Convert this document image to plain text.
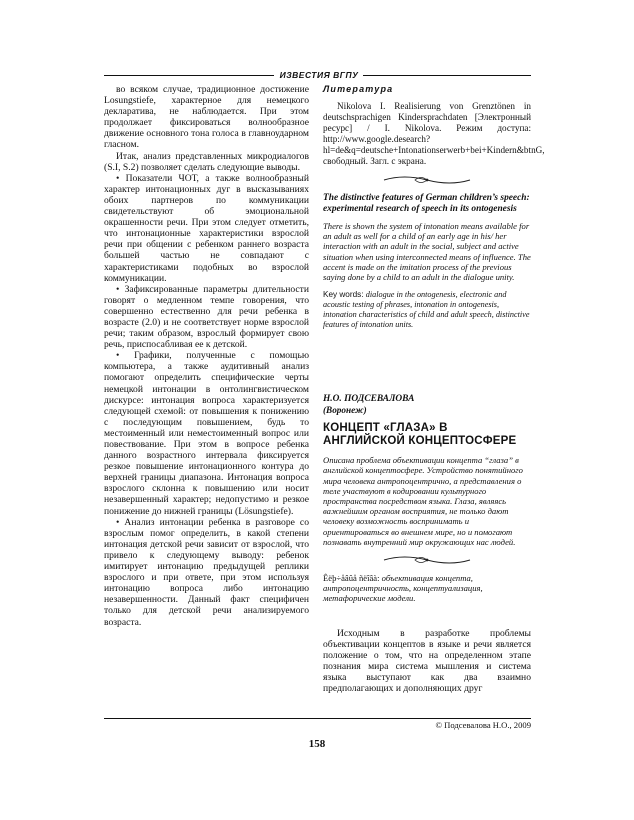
ИЗВЕСТИЯ ВГПУ

во всяком случае, традиционное достижение Losungstiefe, характерное для немецкого декларатива, не наблюдается. При этом продолжает фиксироваться волнообразное движение основного тона голоса в главноударном гласном.

Итак, анализ представленных микродиалогов (S.I, S.2) позволяет сделать следующие выводы.

• Показатели ЧОТ, а также волнообразный характер интонационных дуг в высказываниях обоих партнеров по коммуникации свидетельствуют об эмоциональной окрашенности речи. При этом следует отметить, что интонационные характеристики взрослой речи при общении с ребенком раннего возраста большей частью не совпадают с характеристиками подобных во взрослой коммуникации.

• Зафиксированные параметры длительности говорят о медленном темпе говорения, что совершенно естественно для речи ребенка в возрасте (2.0) и не соответствует норме взрослой речи; таким образом, взрослый формирует свою речь, приспосабливая ее к детской.

• Графики, полученные с помощью компьютера, а также аудитивный анализ помогают определить специфические черты немецкой интонации в онтолингвистическом дискурсе: интонация вопроса характеризуется следующей схемой: от повышения к понижению с последующим повышением, будь то местоименный или неместоименный вопрос или повествование. При этом в вопросе ребенка данного возрастного интервала фиксируется резкое повышение интонационного контура до верхней границы диапазона. Интонация вопроса взрослого склонна к повышению или носит незавершенный характер; недопустимо и резкое понижение до нижней границы (Lösungstiefe).

• Анализ интонации ребенка в разговоре со взрослым помог определить, в какой степени интонация детской речи зависит от взрослой, что привело к следующему выводу: ребенок имитирует интонацию предыдущей реплики взрослого и при ответе, при этом используя интонацию вопроса либо интонацию незавершенности. Данный факт специфичен только для детской речи анализируемого возраста.

Литература

Nikolova I. Realisierung von Grenztönen in deutschsprachigen Kindersprachdaten [Электронный ресурс] / I. Nikolova. Режим доступа: http://www.google.deseаrch?hl=de&q=deutsche+Intonationserwerb+bei+Kindern&btnG, свободный. Загл. с экрана.

The distinctive features of German children’s speech: experimental research of speech in its ontogenesis

There is shown the system of intonation means available for an adult as well for a child of an early age in his/ her interaction with an adult in the social, subject and active situation when using interconnected means of influence. The accent is made on the imitation process of the previous saying done by a child to an adult in the dialogue unity.

Key words: dialogue in the ontogenesis, electronic and acoustic testing of phrases, intonation in ontogenesis, intonation characteristics of child and adult speech, distinctive features of intonation units.

Н.О. ПОДСЕВАЛОВА

(Воронеж)

КОНЦЕПТ «ГЛАЗА» В АНГЛИЙСКОЙ КОНЦЕПТОСФЕРЕ

Описана проблема объективации концепта “глаза” в английской концептосфере. Устройство понятийного мира человека антропоцентрично, а представления о теле участвуют в кодировании культурного пространства посредством языка. Глаза, являясь важнейшим органом восприятия, не только дают человеку возможность воспринимать и ориентироваться во внешнем мире, но и помогают познавать внутренний мир окружающих нас людей.

Êëþ÷åâûå ñëîâà: объективация концепта, антропоцентричность, концептуализация, метафорические модели.

Исходным в разработке проблемы объективации концептов в языке и речи является положение о том, что на определенном этапе познания мира система мышления и система языка выступают как два взаимно предполагающих и дополняющих друг

© Подсевалова Н.О., 2009
158
